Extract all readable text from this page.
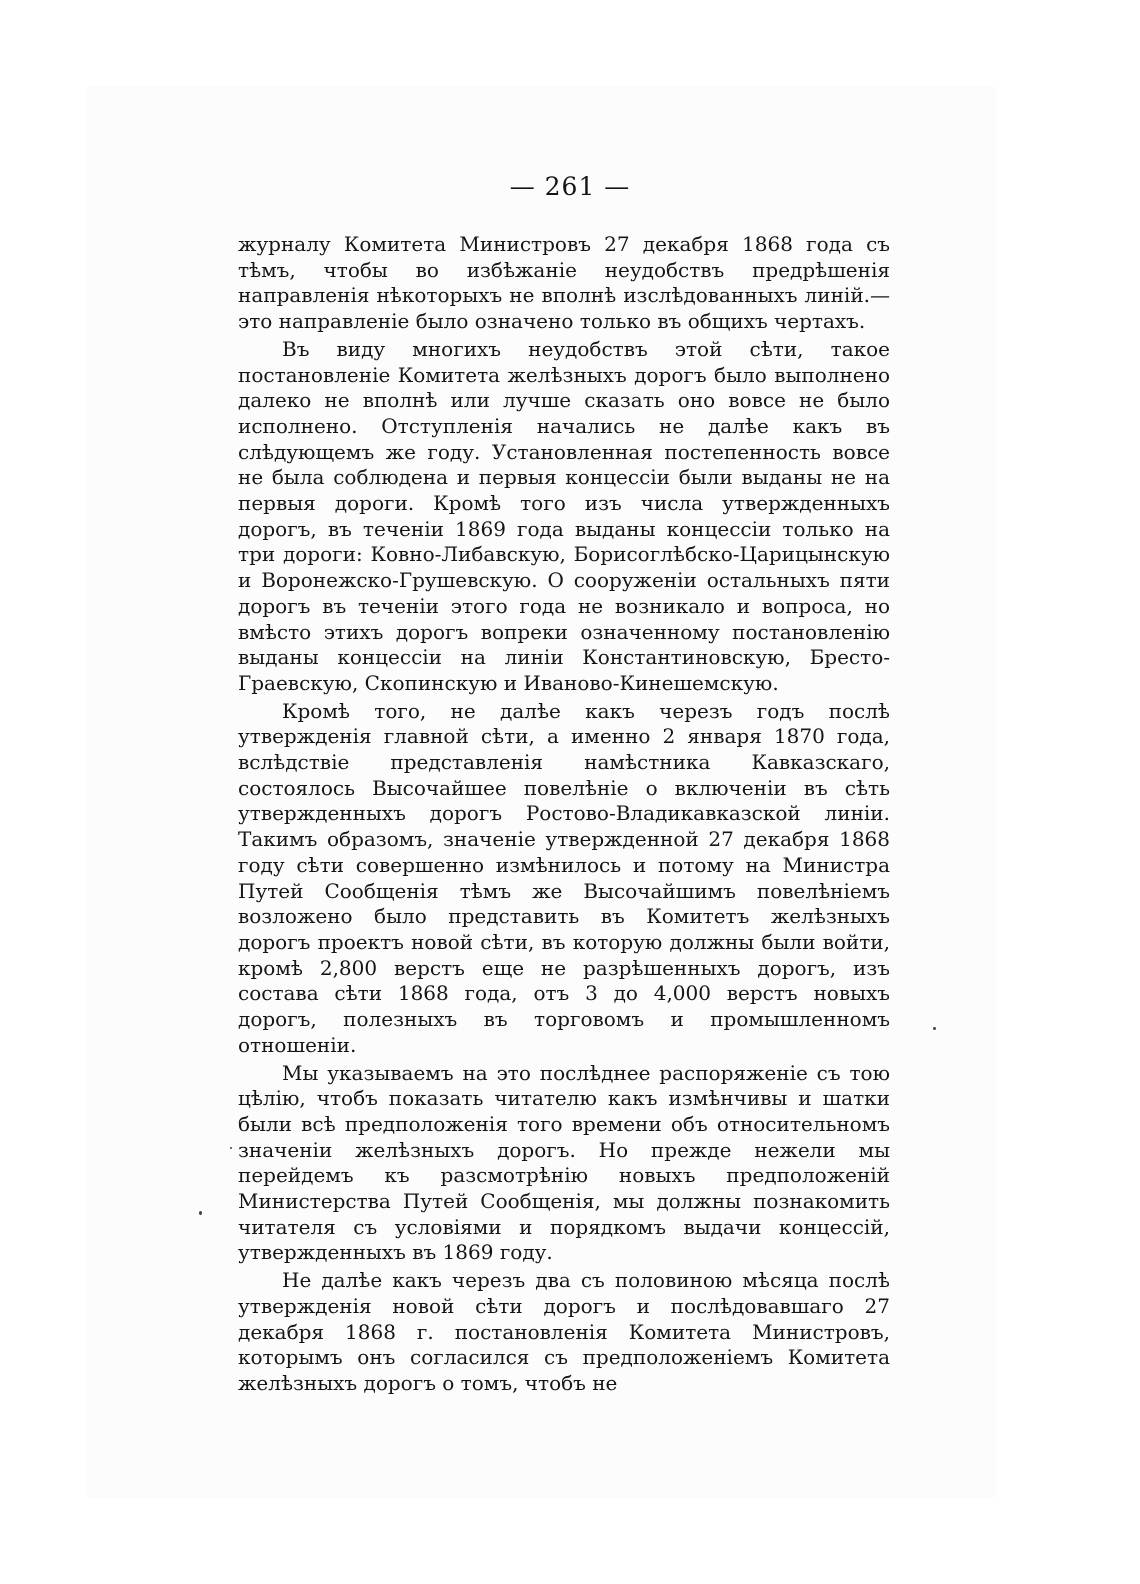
— 261 —

журналу Комитета Министровъ 27 декабря 1868 года съ тѣмъ, чтобы во избѣжаніе неудобствъ предрѣшенія направленія нѣкоторыхъ не вполнѣ изслѣдованныхъ линій.— это направленіе было означено только въ общихъ чертахъ.

Въ виду многихъ неудобствъ этой сѣти, такое постановленіе Комитета желѣзныхъ дорогъ было выполнено далеко не вполнѣ или лучше сказать оно вовсе не было исполнено. Отступленія начались не далѣе какъ въ слѣдующемъ же году. Установленная постепенность вовсе не была соблюдена и первыя концессіи были выданы не на первыя дороги. Кромѣ того изъ числа утвержденныхъ дорогъ, въ теченіи 1869 года выданы концессіи только на три дороги: Ковно-Либавскую, Борисоглѣбско-Царицынскую и Воронежско-Грушевскую. О сооруженіи остальныхъ пяти дорогъ въ теченіи этого года не возникало и вопроса, но вмѣсто этихъ дорогъ вопреки означенному постановленію выданы концессіи на линіи Константиновскую, Бресто-Граевскую, Скопинскую и Иваново-Кинешемскую.

Кромѣ того, не далѣе какъ черезъ годъ послѣ утвержденія главной сѣти, а именно 2 января 1870 года, вслѣдствіе представленія намѣстника Кавказскаго, состоялось Высочайшее повелѣніе о включеніи въ сѣть утвержденныхъ дорогъ Ростово-Владикавказской линіи. Такимъ образомъ, значеніе утвержденной 27 декабря 1868 году сѣти совершенно измѣнилось и потому на Министра Путей Сообщенія тѣмъ же Высочайшимъ повелѣніемъ возложено было представить въ Комитетъ желѣзныхъ дорогъ проектъ новой сѣти, въ которую должны были войти, кромѣ 2,800 верстъ еще не разрѣшенныхъ дорогъ, изъ состава сѣти 1868 года, отъ 3 до 4,000 верстъ новыхъ дорогъ, полезныхъ въ торговомъ и промышленномъ отношеніи.

Мы указываемъ на это послѣднее распоряженіе съ тою цѣлію, чтобъ показать читателю какъ измѣнчивы и шатки были всѣ предположенія того времени объ относительномъ значеніи желѣзныхъ дорогъ. Но прежде нежели мы перейдемъ къ разсмотрѣнію новыхъ предположеній Министерства Путей Сообщенія, мы должны познакомить читателя съ условіями и порядкомъ выдачи концессій, утвержденныхъ въ 1869 году.

Не далѣе какъ черезъ два съ половиною мѣсяца послѣ утвержденія новой сѣти дорогъ и послѣдовавшаго 27 декабря 1868 г. постановленія Комитета Министровъ, которымъ онъ согласился съ предположеніемъ Комитета желѣзныхъ дорогъ о томъ, чтобъ не
